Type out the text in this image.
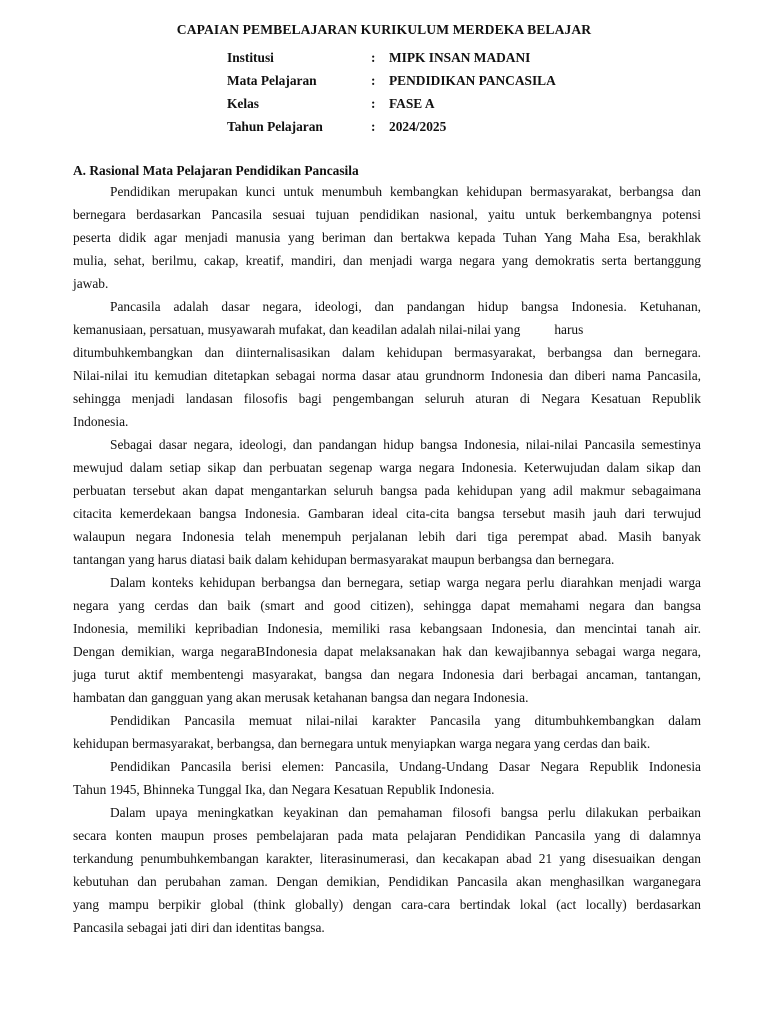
CAPAIAN PEMBELAJARAN KURIKULUM MERDEKA BELAJAR
Institusi	: MIPK INSAN MADANI
Mata Pelajaran	: PENDIDIKAN PANCASILA
Kelas	: FASE A
Tahun Pelajaran	: 2024/2025
A. Rasional Mata Pelajaran Pendidikan Pancasila
Pendidikan merupakan kunci untuk menumbuh kembangkan kehidupan bermasyarakat, berbangsa dan
bernegara berdasarkan Pancasila sesuai tujuan pendidikan nasional, yaitu untuk berkembangnya potensi
peserta didik agar menjadi manusia yang beriman dan bertakwa kepada Tuhan Yang Maha Esa, berakhlak
mulia, sehat, berilmu, cakap, kreatif, mandiri, dan menjadi warga negara yang demokratis serta bertanggung
jawab.
Pancasila adalah dasar negara, ideologi, dan pandangan hidup bangsa Indonesia. Ketuhanan,
kemanusiaan, persatuan, musyawarah mufakat, dan keadilan adalah nilai-nilai yang	harus
ditumbuhkembangkan dan diinternalisasikan dalam kehidupan bermasyarakat, berbangsa dan bernegara.
Nilai-nilai itu kemudian ditetapkan sebagai norma dasar atau grundnorm Indonesia dan diberi nama Pancasila,
sehingga menjadi landasan filosofis bagi pengembangan seluruh aturan di Negara Kesatuan Republik
Indonesia.
Sebagai dasar negara, ideologi, dan pandangan hidup bangsa Indonesia, nilai-nilai Pancasila semestinya
mewujud dalam setiap sikap dan perbuatan segenap warga negara Indonesia. Keterwujudan dalam sikap dan
perbuatan tersebut akan dapat mengantarkan seluruh bangsa pada kehidupan yang adil makmur sebagaimana
citacita kemerdekaan bangsa Indonesia. Gambaran ideal cita-cita bangsa tersebut masih jauh dari terwujud
walaupun negara Indonesia telah menempuh perjalanan lebih dari tiga perempat abad. Masih banyak
tantangan yang harus diatasi baik dalam kehidupan bermasyarakat maupun berbangsa dan bernegara.
Dalam konteks kehidupan berbangsa dan bernegara, setiap warga negara perlu diarahkan menjadi warga
negara yang cerdas dan baik (smart and good citizen), sehingga dapat memahami negara dan bangsa
Indonesia, memiliki kepribadian Indonesia, memiliki rasa kebangsaan Indonesia, dan mencintai tanah air.
Dengan demikian, warga negaraBIndonesia dapat melaksanakan hak dan kewajibannya sebagai warga negara,
juga turut aktif membentengi masyarakat, bangsa dan negara Indonesia dari berbagai ancaman, tantangan,
hambatan dan gangguan yang akan merusak ketahanan bangsa dan negara Indonesia.
Pendidikan Pancasila memuat nilai-nilai karakter Pancasila yang ditumbuhkembangkan dalam
kehidupan bermasyarakat, berbangsa, dan bernegara untuk menyiapkan warga negara yang cerdas dan baik.
Pendidikan Pancasila berisi elemen: Pancasila, Undang-Undang Dasar Negara Republik Indonesia
Tahun 1945, Bhinneka Tunggal Ika, dan Negara Kesatuan Republik Indonesia.
Dalam upaya meningkatkan keyakinan dan pemahaman filosofi bangsa perlu dilakukan perbaikan
secara konten maupun proses pembelajaran pada mata pelajaran Pendidikan Pancasila yang di dalamnya
terkandung penumbuhkembangan karakter, literasinumerasi, dan kecakapan abad 21 yang disesuaikan dengan
kebutuhan dan perubahan zaman. Dengan demikian, Pendidikan Pancasila akan menghasilkan warganegara
yang mampu berpikir global (think globally) dengan cara-cara bertindak lokal (act locally) berdasarkan
Pancasila sebagai jati diri dan identitas bangsa.
